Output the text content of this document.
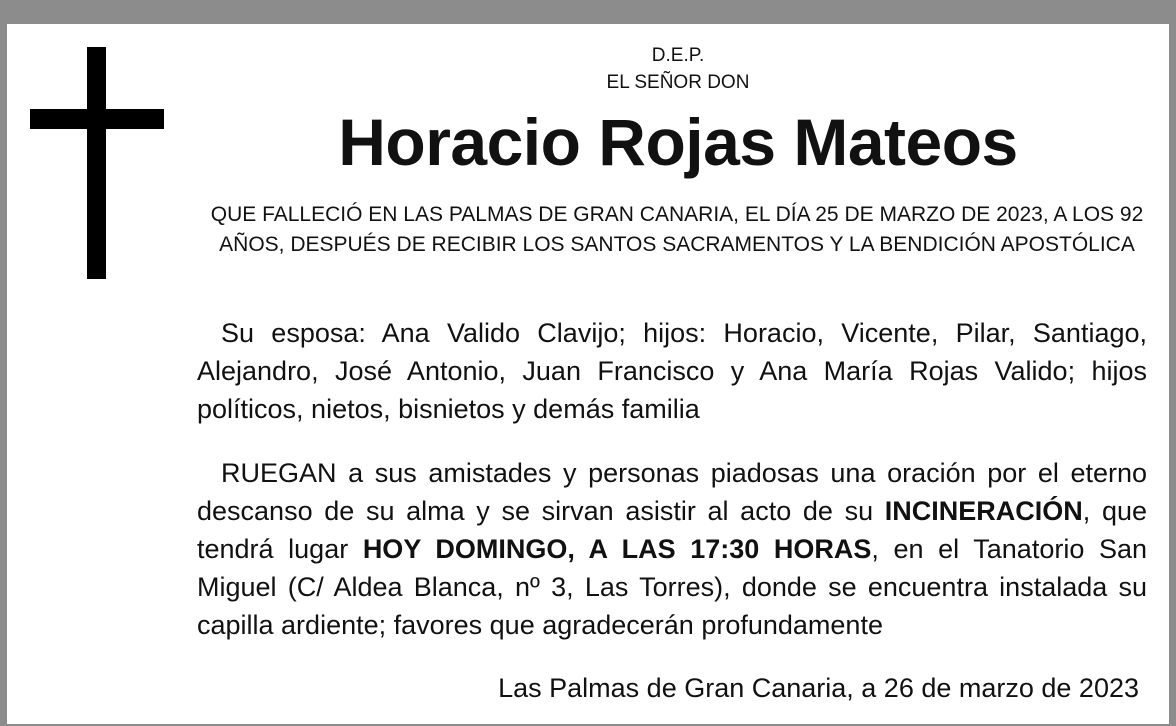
D.E.P.
EL SEÑOR DON
Horacio Rojas Mateos
QUE FALLECIÓ EN LAS PALMAS DE GRAN CANARIA, EL DÍA 25 DE MARZO DE 2023, A LOS 92 AÑOS, DESPUÉS DE RECIBIR LOS SANTOS SACRAMENTOS Y LA BENDICIÓN APOSTÓLICA
Su esposa: Ana Valido Clavijo; hijos: Horacio, Vicente, Pilar, Santiago, Alejandro, José Antonio, Juan Francisco y Ana María Rojas Valido; hijos políticos, nietos, bisnietos y demás familia
RUEGAN a sus amistades y personas piadosas una oración por el eterno descanso de su alma y se sirvan asistir al acto de su INCINERACIÓN, que tendrá lugar HOY DOMINGO, A LAS 17:30 HORAS, en el Tanatorio San Miguel (C/ Aldea Blanca, nº 3, Las Torres), donde se encuentra instalada su capilla ardiente; favores que agradecerán profundamente
Las Palmas de Gran Canaria, a 26 de marzo de 2023
